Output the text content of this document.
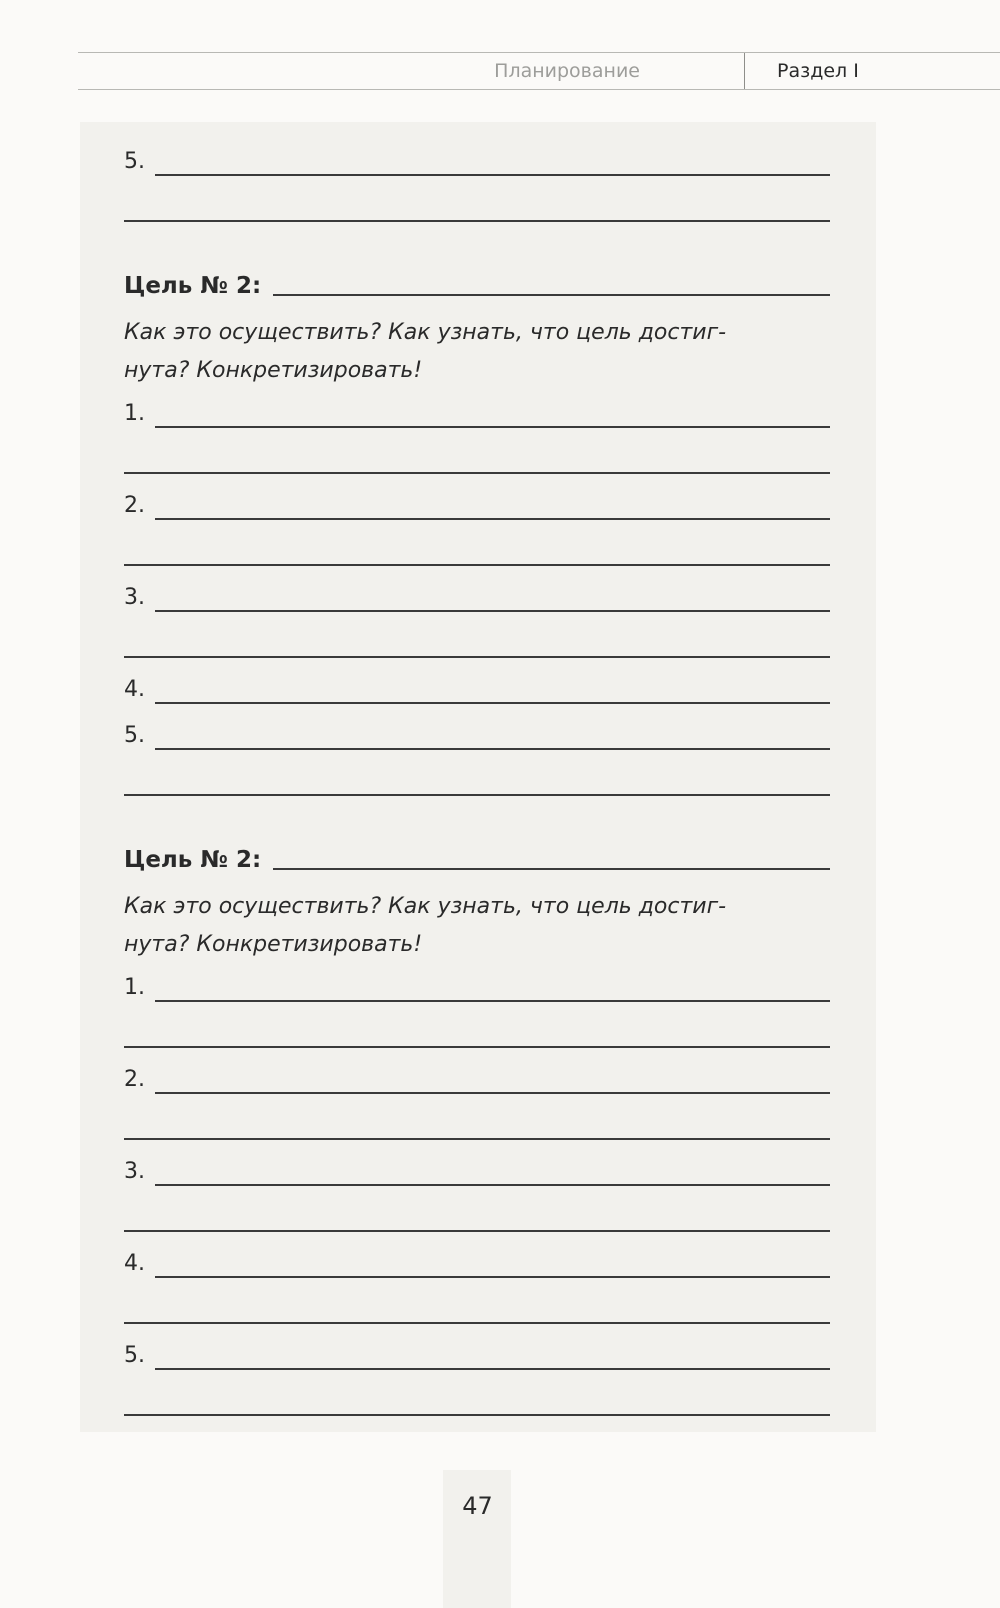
Планирование	Раздел I
5.
Цель № 2:
Как это осуществить? Как узнать, что цель достиг-
нута? Конкретизировать!
1.
2.
3.
4.
5.
Цель № 2:
Как это осуществить? Как узнать, что цель достиг-
нута? Конкретизировать!
1.
2.
3.
4.
5.
47
